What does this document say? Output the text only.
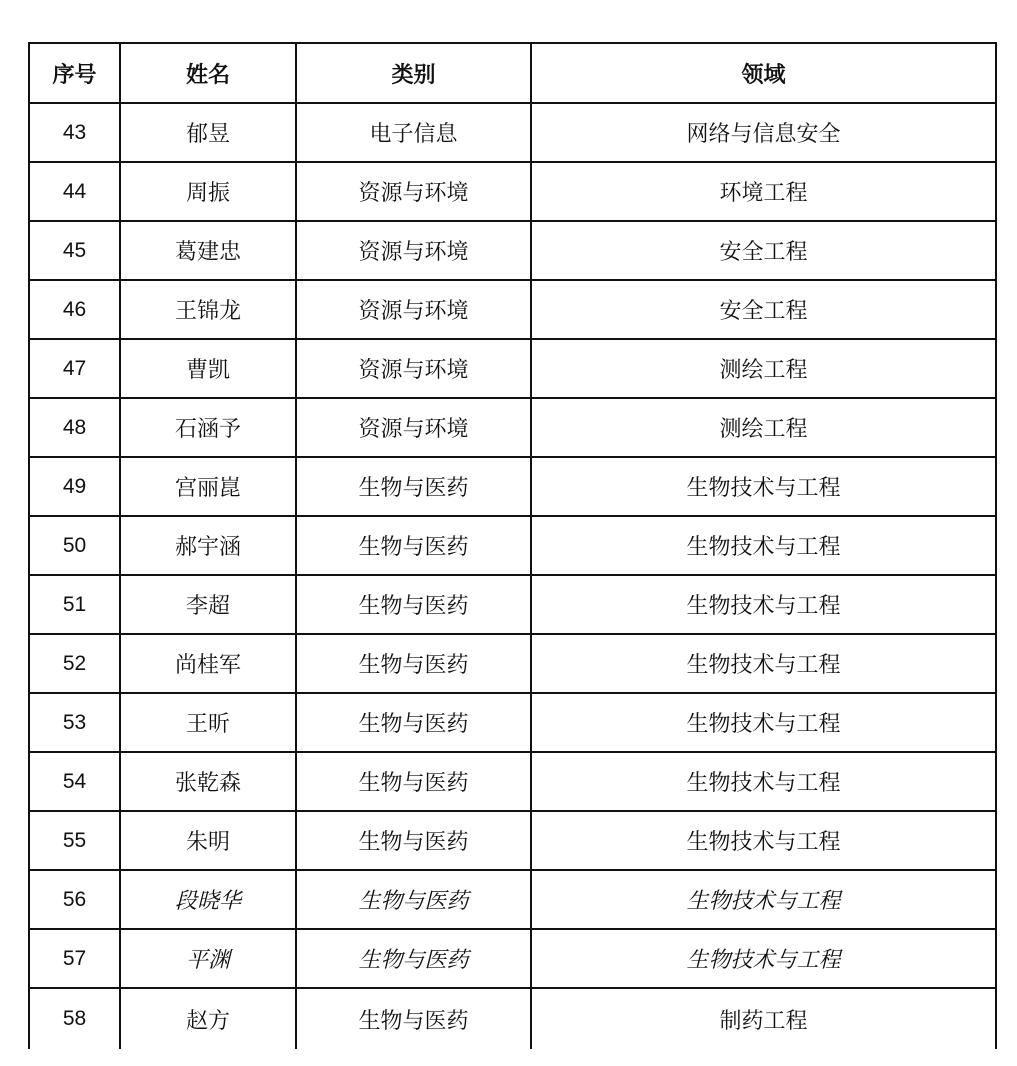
序号	姓名	类别	领域
43	郁昱	电子信息	网络与信息安全
44	周振	资源与环境	环境工程
45	葛建忠	资源与环境	安全工程
46	王锦龙	资源与环境	安全工程
47	曹凯	资源与环境	测绘工程
48	石涵予	资源与环境	测绘工程
49	宫丽崑	生物与医药	生物技术与工程
50	郝宇涵	生物与医药	生物技术与工程
51	李超	生物与医药	生物技术与工程
52	尚桂军	生物与医药	生物技术与工程
53	王昕	生物与医药	生物技术与工程
54	张乾森	生物与医药	生物技术与工程
55	朱明	生物与医药	生物技术与工程
56	段晓华	生物与医药	生物技术与工程
57	平渊	生物与医药	生物技术与工程
58	赵方	生物与医药	制药工程
